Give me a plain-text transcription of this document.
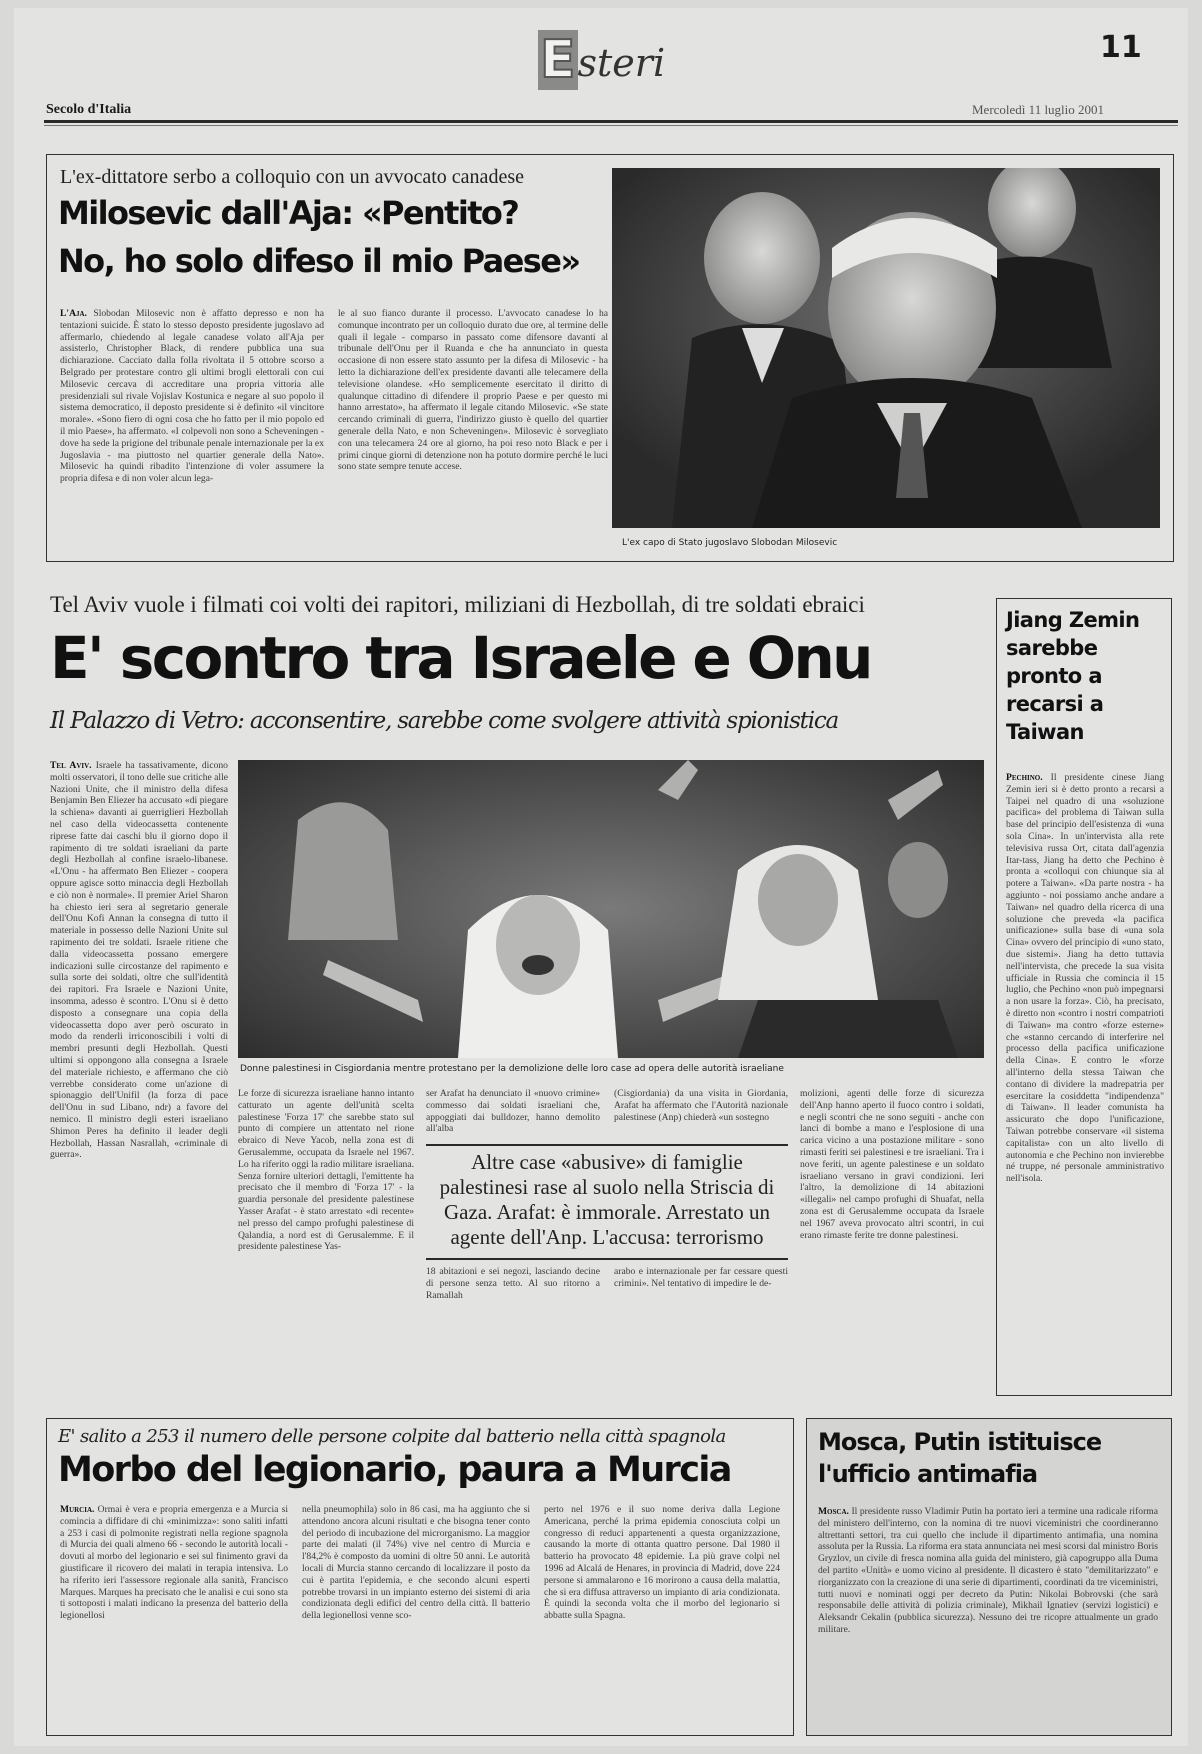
Esteri	11
Secolo d'Italia	Mercoledì 11 luglio 2001
L'ex-dittatore serbo a colloquio con un avvocato canadese
Milosevic dall'Aja: «Pentito?
No, ho solo difeso il mio Paese»
L'Aja. Slobodan Milosevic non è affatto depresso e non ha tentazioni suicide. È stato lo stesso deposto presidente jugoslavo ad affermarlo, chiedendo al legale canadese volato all'Aja per assisterlo, Christopher Black, di rendere pubblica una sua dichiarazione. Cacciato dalla folla rivoltata il 5 ottobre scorso a Belgrado per protestare contro gli ultimi brogli elettorali con cui Milosevic cercava di accreditare una propria vittoria alle presidenziali sul rivale Vojislav Kostunica e negare al suo popolo il sistema democratico, il deposto presidente si è definito «il vincitore morale». «Sono fiero di ogni cosa che ho fatto per il mio popolo ed il mio Paese», ha affermato. «I colpevoli non sono a Scheveningen - dove ha sede la prigione del tribunale penale internazionale per la ex Jugoslavia - ma piuttosto nel quartier generale della Nato». Milosevic ha quindi ribadito l'intenzione di voler assumere la propria difesa e di non voler alcun lega-
le al suo fianco durante il processo. L'avvocato canadese lo ha comunque incontrato per un colloquio durato due ore, al termine delle quali il legale - comparso in passato come difensore davanti al tribunale dell'Onu per il Ruanda e che ha annunciato in questa occasione di non essere stato assunto per la difesa di Milosevic - ha letto la dichiarazione dell'ex presidente davanti alle telecamere della televisione olandese. «Ho semplicemente esercitato il diritto di qualunque cittadino di difendere il proprio Paese e per questo mi hanno arrestato», ha affermato il legale citando Milosevic. «Se state cercando criminali di guerra, l'indirizzo giusto è quello del quartier generale della Nato, e non Scheveningen». Milosevic è sorvegliato con una telecamera 24 ore al giorno, ha poi reso noto Black e per i primi cinque giorni di detenzione non ha potuto dormire perché le luci sono state sempre tenute accese.
L'ex capo di Stato jugoslavo Slobodan Milosevic
Tel Aviv vuole i filmati coi volti dei rapitori, miliziani di Hezbollah, di tre soldati ebraici
E' scontro tra Israele e Onu
Il Palazzo di Vetro: acconsentire, sarebbe come svolgere attività spionistica
Tel Aviv. Israele ha tassativamente, dicono molti osservatori, il tono delle sue critiche alle Nazioni Unite, che il ministro della difesa Benjamin Ben Eliezer ha accusato «di piegare la schiena» davanti ai guerriglieri Hezbollah nel caso della videocassetta contenente riprese fatte dai caschi blu il giorno dopo il rapimento di tre soldati israeliani da parte degli Hezbollah al confine israelo-libanese. «L'Onu - ha affermato Ben Eliezer - coopera oppure agisce sotto minaccia degli Hezbollah e ciò non è normale». Il premier Ariel Sharon ha chiesto ieri sera al segretario generale dell'Onu Kofi Annan la consegna di tutto il materiale in possesso delle Nazioni Unite sul rapimento dei tre soldati. Israele ritiene che dalla videocassetta possano emergere indicazioni sulle circostanze del rapimento e sulla sorte dei soldati, oltre che sull'identità dei rapitori. Fra Israele e Nazioni Unite, insomma, adesso è scontro. L'Onu si è detto disposto a consegnare una copia della videocassetta dopo aver però oscurato in modo da renderli irriconoscibili i volti di membri presunti degli Hezbollah. Questi ultimi si oppongono alla consegna a Israele del materiale richiesto, e affermano che ciò verrebbe considerato come un'azione di spionaggio dell'Unifil (la forza di pace dell'Onu in sud Libano, ndr) a favore del nemico. Il ministro degli esteri israeliano Shimon Peres ha definito il leader degli Hezbollah, Hassan Nasrallah, «criminale di guerra».
Donne palestinesi in Cisgiordania mentre protestano per la demolizione delle loro case ad opera delle autorità israeliane
Le forze di sicurezza israeliane hanno intanto catturato un agente dell'unità scelta palestinese 'Forza 17' che sarebbe stato sul punto di compiere un attentato nel rione ebraico di Neve Yacob, nella zona est di Gerusalemme, occupata da Israele nel 1967. Lo ha riferito oggi la radio militare israeliana. Senza fornire ulteriori dettagli, l'emittente ha precisato che il membro di 'Forza 17' - la guardia personale del presidente palestinese Yasser Arafat - è stato arrestato «di recente» nel presso del campo profughi palestinese di Qalandia, a nord est di Gerusalemme. E il presidente palestinese Yas-
ser Arafat ha denunciato il «nuovo crimine» commesso dai soldati israeliani che, appoggiati dai bulldozer, hanno demolito all'alba
(Cisgiordania) da una visita in Giordania, Arafat ha affermato che l'Autorità nazionale palestinese (Anp) chiederà «un sostegno
Altre case «abusive» di famiglie palestinesi rase al suolo nella Striscia di Gaza. Arafat: è immorale. Arrestato un agente dell'Anp. L'accusa: terrorismo
18 abitazioni e sei negozi, lasciando decine di persone senza tetto. Al suo ritorno a Ramallah
arabo e internazionale per far cessare questi crimini». Nel tentativo di impedire le de-
molizioni, agenti delle forze di sicurezza dell'Anp hanno aperto il fuoco contro i soldati, e negli scontri che ne sono seguiti - anche con lanci di bombe a mano e l'esplosione di una carica vicino a una postazione militare - sono rimasti feriti sei palestinesi e tre israeliani. Tra i nove feriti, un agente palestinese e un soldato israeliano versano in gravi condizioni. Ieri l'altro, la demolizione di 14 abitazioni «illegali» nel campo profughi di Shuafat, nella zona est di Gerusalemme occupata da Israele nel 1967 aveva provocato altri scontri, in cui erano rimaste ferite tre donne palestinesi.
Jiang Zemin sarebbe pronto a recarsi a Taiwan
Pechino. Il presidente cinese Jiang Zemin ieri si è detto pronto a recarsi a Taipei nel quadro di una «soluzione pacifica» del problema di Taiwan sulla base del principio dell'esistenza di «una sola Cina». In un'intervista alla rete televisiva russa Ort, citata dall'agenzia Itar-tass, Jiang ha detto che Pechino è pronta a «colloqui con chiunque sia al potere a Taiwan». «Da parte nostra - ha aggiunto - noi possiamo anche andare a Taiwan» nel quadro della ricerca di una soluzione che preveda «la pacifica unificazione» sulla base di «una sola Cina» ovvero del principio di «uno stato, due sistemi». Jiang ha detto tuttavia nell'intervista, che precede la sua visita ufficiale in Russia che comincia il 15 luglio, che Pechino «non può impegnarsi a non usare la forza». Ciò, ha precisato, è diretto non «contro i nostri compatrioti di Taiwan» ma contro «forze esterne» che «stanno cercando di interferire nel processo della pacifica unificazione della Cina». E contro le «forze all'interno della stessa Taiwan che contano di dividere la madrepatria per esercitare la cosiddetta "indipendenza" di Taiwan». Il leader comunista ha assicurato che dopo l'unificazione, Taiwan potrebbe conservare «il sistema capitalista» con un alto livello di autonomia e che Pechino non invierebbe né truppe, né personale amministrativo nell'isola.
E' salito a 253 il numero delle persone colpite dal batterio nella città spagnola
Morbo del legionario, paura a Murcia
Murcia. Ormai è vera e propria emergenza e a Murcia si comincia a diffidare di chi «minimizza»: sono saliti infatti a 253 i casi di polmonite registrati nella regione spagnola di Murcia dei quali almeno 66 - secondo le autorità locali - dovuti al morbo del legionario e sei sul finimento gravi da giustificare il ricovero dei malati in terapia intensiva. Lo ha riferito ieri l'assessore regionale alla sanità, Francisco Marques. Marques ha precisato che le analisi e cui sono sta ti sottoposti i malati indicano la presenza del batterio della legionellosi
nella pneumophila) solo in 86 casi, ma ha aggiunto che si attendono ancora alcuni risultati e che bisogna tener conto del periodo di incubazione del microrganismo. La maggior parte dei malati (il 74%) vive nel centro di Murcia e l'84,2% è composto da uomini di oltre 50 anni. Le autorità locali di Murcia stanno cercando di localizzare il posto da cui è partita l'epidemia, e che secondo alcuni esperti potrebbe trovarsi in un impianto esterno dei sistemi di aria condizionata degli edifici del centro della città. Il batterio della legionellosi venne sco-
perto nel 1976 e il suo nome deriva dalla Legione Americana, perché la prima epidemia conosciuta colpì un congresso di reduci appartenenti a questa organizzazione, causando la morte di ottanta quattro persone. Dal 1980 il batterio ha provocato 48 epidemie. La più grave colpì nel 1996 ad Alcalá de Henares, in provincia di Madrid, dove 224 persone si ammalarono e 16 morirono a causa della malattia, che si era diffusa attraverso un impianto di aria condizionata. È quindi la seconda volta che il morbo del legionario si abbatte sulla Spagna.
Mosca, Putin istituisce l'ufficio antimafia
Mosca. Il presidente russo Vladimir Putin ha portato ieri a termine una radicale riforma del ministero dell'interno, con la nomina di tre nuovi viceministri che coordineranno altrettanti settori, tra cui quello che include il dipartimento antimafia, una nomina assoluta per la Russia. La riforma era stata annunciata nei mesi scorsi dal ministro Boris Gryzlov, un civile di fresca nomina alla guida del ministero, già capogruppo alla Duma del partito «Unità» e uomo vicino al presidente. Il dicastero è stato "demilitarizzato" e riorganizzato con la creazione di una serie di dipartimenti, coordinati da tre viceministri, tutti nuovi e nominati oggi per decreto da Putin: Nikolai Bobrovski (che sarà responsabile delle attività di polizia criminale), Mikhail Ignatiev (servizi logistici) e Aleksandr Cekalin (pubblica sicurezza). Nessuno dei tre ricopre attualmente un grado militare.
